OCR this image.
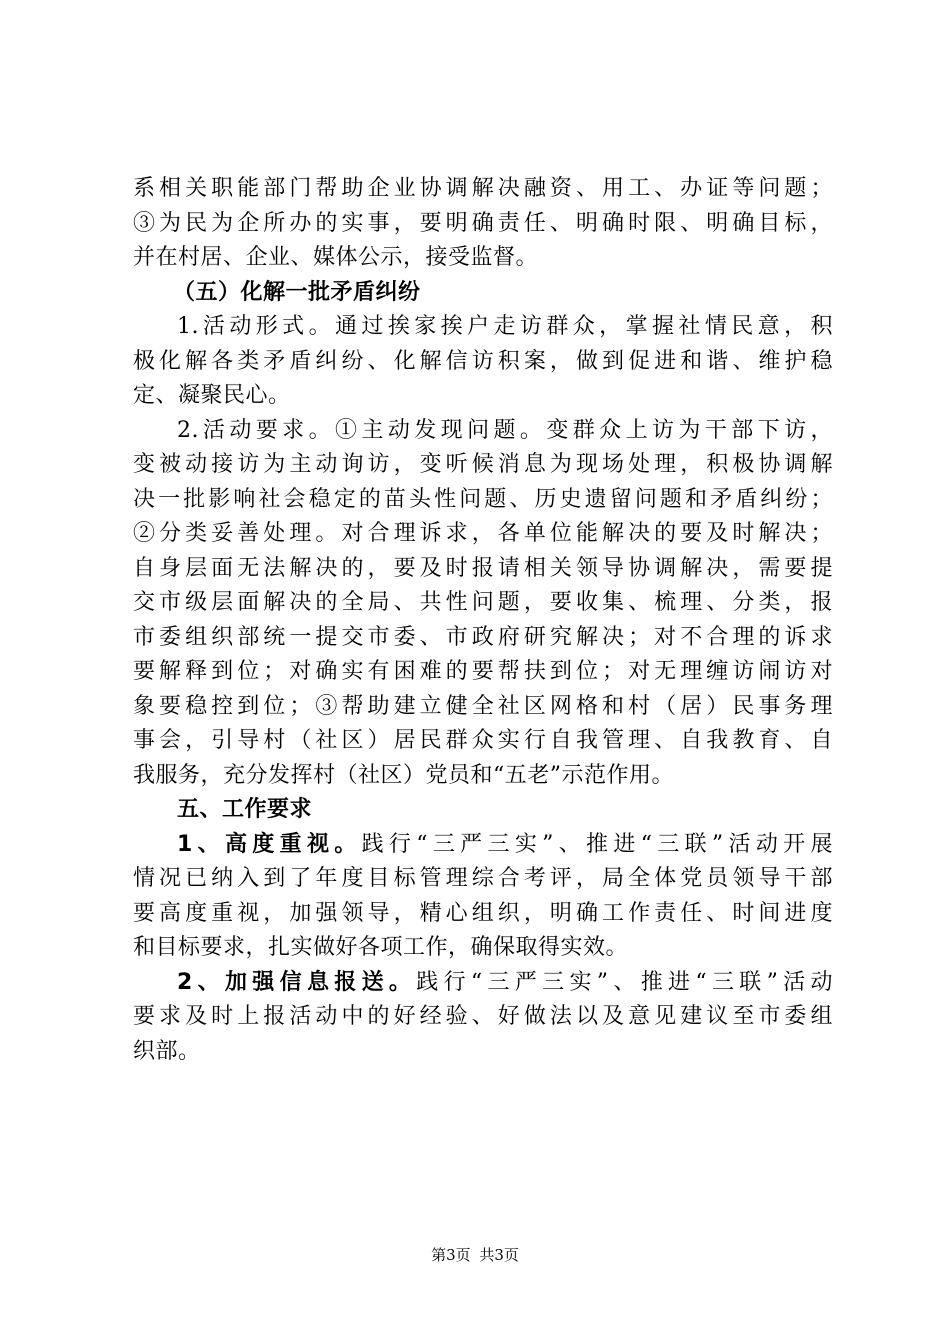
系相关职能部门帮助企业协调解决融资、用工、办证等问题；
③为民为企所办的实事，要明确责任、明确时限、明确目标，
并在村居、企业、媒体公示，接受监督。
（五）化解一批矛盾纠纷
1.活动形式。通过挨家挨户走访群众，掌握社情民意，积
极化解各类矛盾纠纷、化解信访积案，做到促进和谐、维护稳
定、凝聚民心。
2.活动要求。①主动发现问题。变群众上访为干部下访，
变被动接访为主动询访，变听候消息为现场处理，积极协调解
决一批影响社会稳定的苗头性问题、历史遗留问题和矛盾纠纷；
②分类妥善处理。对合理诉求，各单位能解决的要及时解决；
自身层面无法解决的，要及时报请相关领导协调解决，需要提
交市级层面解决的全局、共性问题，要收集、梳理、分类，报
市委组织部统一提交市委、市政府研究解决；对不合理的诉求
要解释到位；对确实有困难的要帮扶到位；对无理缠访闹访对
象要稳控到位；③帮助建立健全社区网格和村（居）民事务理
事会，引导村（社区）居民群众实行自我管理、自我教育、自
我服务，充分发挥村（社区）党员和“五老”示范作用。
五、工作要求
1、高度重视。践行“三严三实”、推进“三联”活动开展
情况已纳入到了年度目标管理综合考评，局全体党员领导干部
要高度重视，加强领导，精心组织，明确工作责任、时间进度
和目标要求，扎实做好各项工作，确保取得实效。
2、加强信息报送。践行“三严三实”、推进“三联”活动
要求及时上报活动中的好经验、好做法以及意见建议至市委组
织部。
第3页 共3页
